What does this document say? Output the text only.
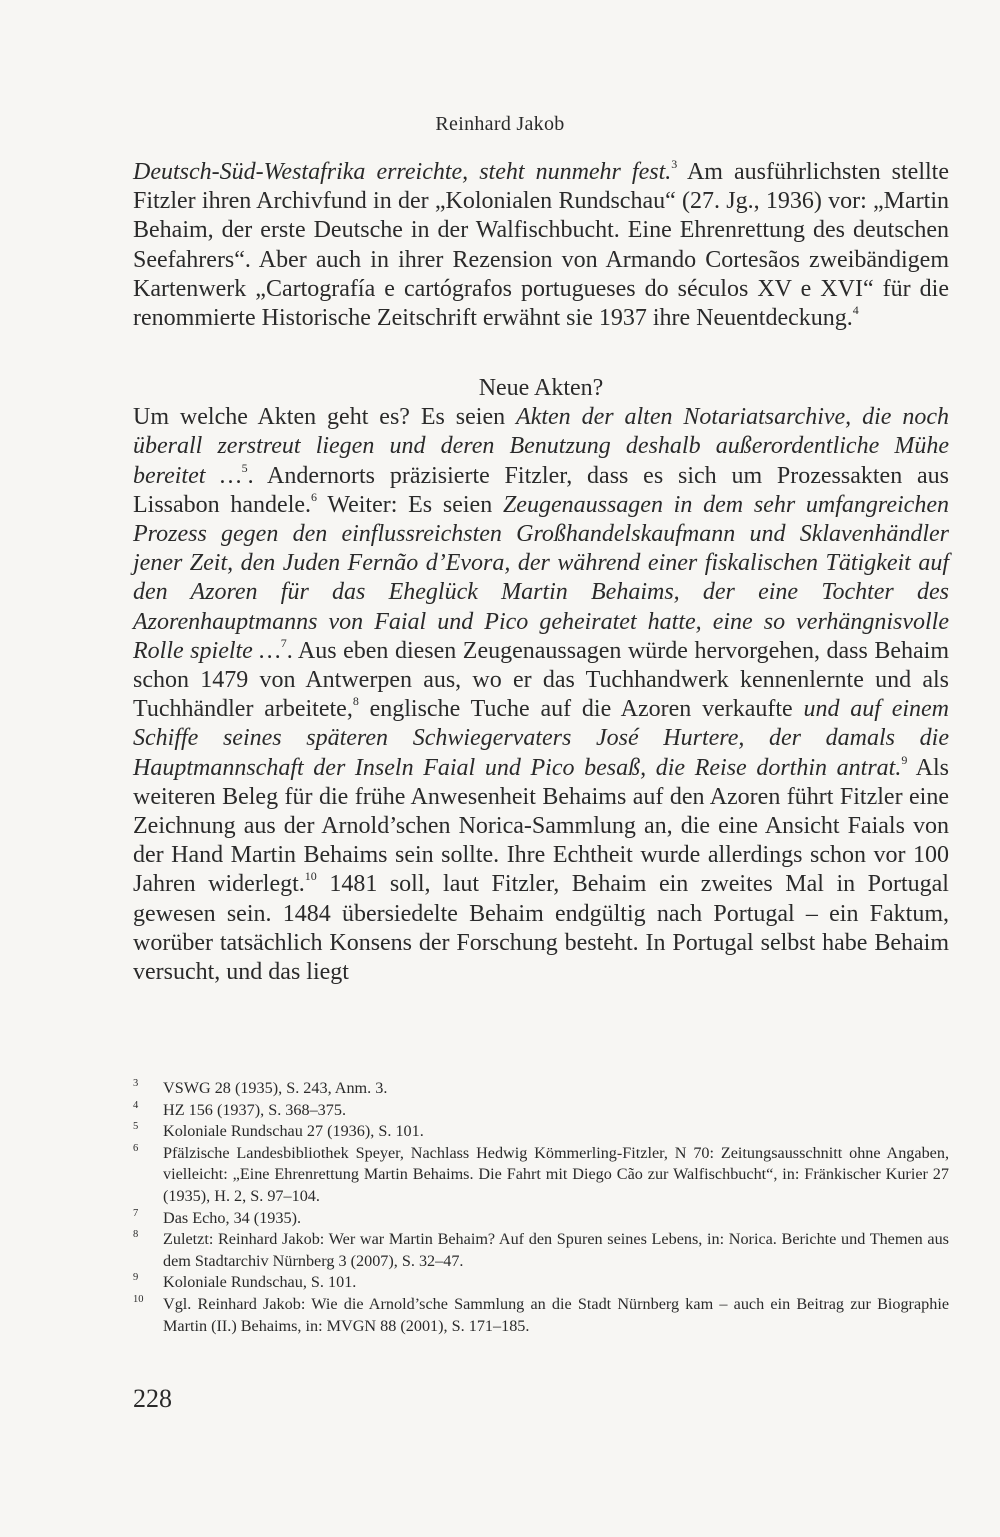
Reinhard Jakob

Deutsch-Süd-Westafrika erreichte, steht nunmehr fest.$^3$ Am ausführlichsten stellte Fitzler ihren Archivfund in der „Kolonialen Rundschau“ (27. Jg., 1936) vor: „Martin Behaim, der erste Deutsche in der Walfischbucht. Eine Ehrenrettung des deutschen Seefahrers“. Aber auch in ihrer Rezension von Armando Cortesãos zweibändigem Kartenwerk „Cartografía e cartógrafos portugueses do séculos XV e XVI“ für die renommierte Historische Zeitschrift erwähnt sie 1937 ihre Neuentdeckung.$^4$

Neue Akten?

Um welche Akten geht es? Es seien Akten der alten Notariatsarchive, die noch überall zerstreut liegen und deren Benutzung deshalb außerordentliche Mühe bereitet …$^5$. Andernorts präzisierte Fitzler, dass es sich um Prozessakten aus Lissabon handele.$^6$ Weiter: Es seien Zeugenaussagen in dem sehr umfangreichen Prozess gegen den einflussreichsten Großhandelskaufmann und Sklavenhändler jener Zeit, den Juden Fernão d’Evora, der während einer fiskalischen Tätigkeit auf den Azoren für das Eheglück Martin Behaims, der eine Tochter des Azorenhauptmanns von Faial und Pico geheiratet hatte, eine so verhängnisvolle Rolle spielte …$^7$. Aus eben diesen Zeugenaussagen würde hervorgehen, dass Behaim schon 1479 von Antwerpen aus, wo er das Tuchhandwerk kennenlernte und als Tuchhändler arbeitete,$^8$ englische Tuche auf die Azoren verkaufte und auf einem Schiffe seines späteren Schwiegervaters José Hurtere, der damals die Hauptmannschaft der Inseln Faial und Pico besaß, die Reise dorthin antrat.$^9$ Als weiteren Beleg für die frühe Anwesenheit Behaims auf den Azoren führt Fitzler eine Zeichnung aus der Arnold’schen Norica-Sammlung an, die eine Ansicht Faials von der Hand Martin Behaims sein sollte. Ihre Echtheit wurde allerdings schon vor 100 Jahren widerlegt.$^{10}$ 1481 soll, laut Fitzler, Behaim ein zweites Mal in Portugal gewesen sein. 1484 übersiedelte Behaim endgültig nach Portugal – ein Faktum, worüber tatsächlich Konsens der Forschung besteht. In Portugal selbst habe Behaim versucht, und das liegt

3 VSWG 28 (1935), S. 243, Anm. 3.
4 HZ 156 (1937), S. 368–375.
5 Koloniale Rundschau 27 (1936), S. 101.
6 Pfälzische Landesbibliothek Speyer, Nachlass Hedwig Kömmerling-Fitzler, N 70: Zeitungsausschnitt ohne Angaben, vielleicht: „Eine Ehrenrettung Martin Behaims. Die Fahrt mit Diego Cão zur Walfischbucht“, in: Fränkischer Kurier 27 (1935), H. 2, S. 97–104.
7 Das Echo, 34 (1935).
8 Zuletzt: Reinhard Jakob: Wer war Martin Behaim? Auf den Spuren seines Lebens, in: Norica. Berichte und Themen aus dem Stadtarchiv Nürnberg 3 (2007), S. 32–47.
9 Koloniale Rundschau, S. 101.
10 Vgl. Reinhard Jakob: Wie die Arnold’sche Sammlung an die Stadt Nürnberg kam – auch ein Beitrag zur Biographie Martin (II.) Behaims, in: MVGN 88 (2001), S. 171–185.
228
